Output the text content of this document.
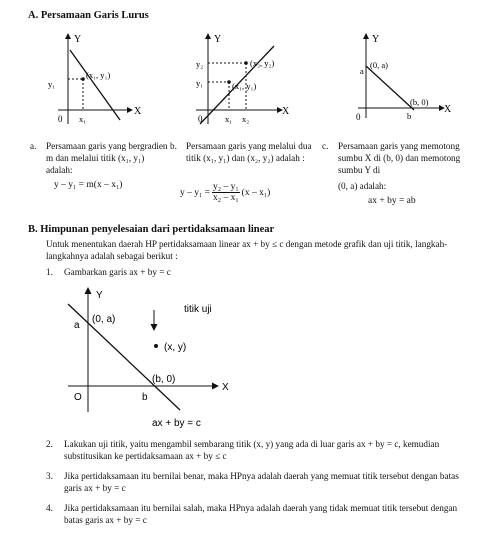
A. Persamaan Garis Lurus
Y
X
0
y₁
x₁
(x₁, y₁)
Y
X
0
y₂
y₁
x₁ x₂
(x₂, y₂)
(x₁, y₁)
Y
X
0
a
b
(0, a)
(b, 0)
a. Persamaan garis yang bergradien m dan melalui titik (x₁, y₁) adalah:
y – y₁ = m(x – x₁)
b. Persamaan garis yang melalui dua titik (x₁, y₁) dan (x₂, y₂) adalah :
$y - y_1 = \frac{\text{y₂ – y₁}}{\text{x₂ – x₁}} (x - x_1)$
c. Persamaan garis yang memotong sumbu X di (b, 0) dan memotong sumbu Y di
(0, a) adalah:
ax + by = ab
B. Himpunan penyelesaian dari pertidaksamaan linear
Untuk menentukan daerah HP pertidaksamaan linear ax + by ≤ c dengan metode grafik dan uji titik, langkah-langkahnya adalah sebagai berikut :
1. Gambarkan garis ax + by = c
Y
X
O
a
b
(0, a)
(b, 0)
titik uji
(x, y)
ax + by = c
2. Lakukan uji titik, yaitu mengambil sembarang titik (x, y) yang ada di luar garis ax + by = c, kemudian substitusikan ke pertidaksamaan ax + by ≤ c
3. Jika pertidaksamaan itu bernilai benar, maka HPnya adalah daerah yang memuat titik tersebut dengan batas garis ax + by = c
4. Jika pertidaksamaan itu bernilai salah, maka HPnya adalah daerah yang tidak memuat titik tersebut dengan batas garis ax + by = c
